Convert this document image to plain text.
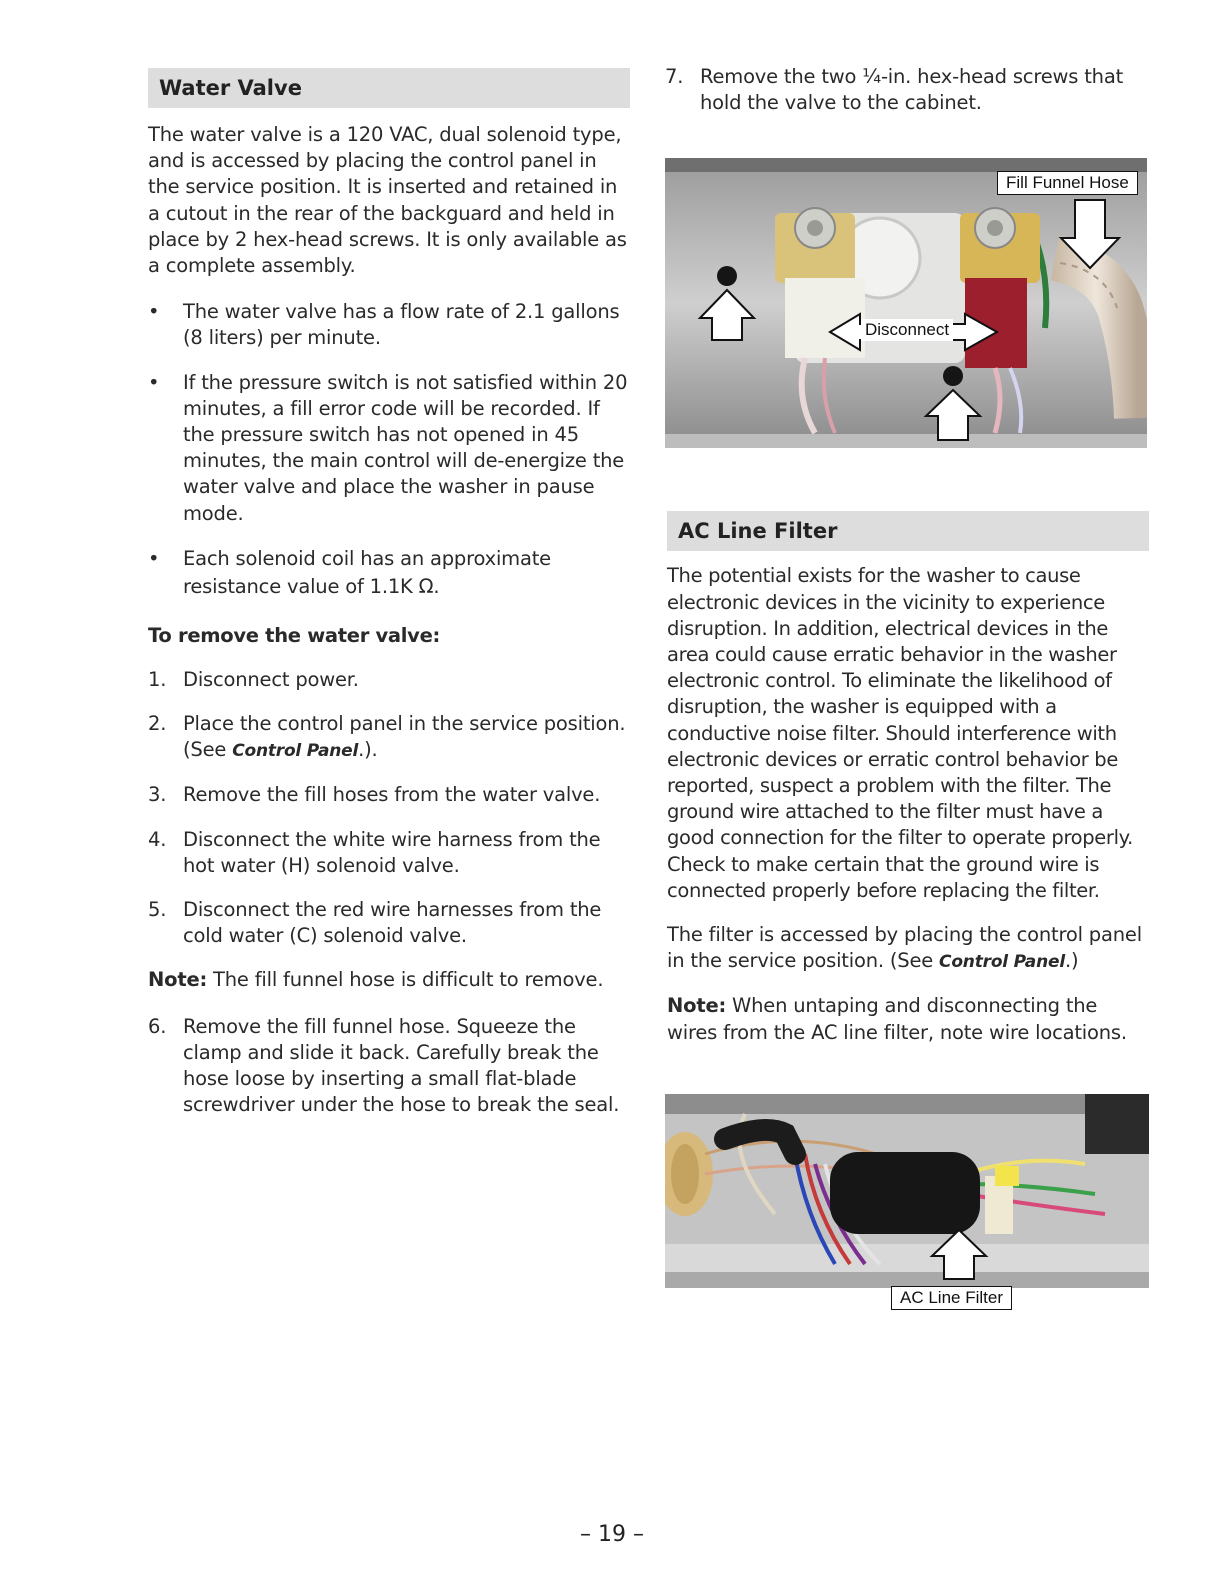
Water Valve

The water valve is a 120 VAC, dual solenoid type, and is accessed by placing the control panel in the service position. It is inserted and retained in a cutout in the rear of the backguard and held in place by 2 hex-head screws. It is only available as a complete assembly.

• The water valve has a flow rate of 2.1 gallons (8 liters) per minute.
• If the pressure switch is not satisfied within 20 minutes, a fill error code will be recorded. If the pressure switch has not opened in 45 minutes, the main control will de-energize the water valve and place the washer in pause mode.
• Each solenoid coil has an approximate resistance value of 1.1K Ω.
To remove the water valve:
1. Disconnect power.
2. Place the control panel in the service position. (See Control Panel.).
3. Remove the fill hoses from the water valve.
4. Disconnect the white wire harness from the hot water (H) solenoid valve.
5. Disconnect the red wire harnesses from the cold water (C) solenoid valve.

Note: The fill funnel hose is difficult to remove.

6. Remove the fill funnel hose. Squeeze the clamp and slide it back. Carefully break the hose loose by inserting a small flat-blade screwdriver under the hose to break the seal.
7. Remove the two ¼-in. hex-head screws that hold the valve to the cabinet.
Fill Funnel Hose
Disconnect
AC Line Filter

The potential exists for the washer to cause electronic devices in the vicinity to experience disruption. In addition, electrical devices in the area could cause erratic behavior in the washer electronic control. To eliminate the likelihood of disruption, the washer is equipped with a conductive noise filter. Should interference with electronic devices or erratic control behavior be reported, suspect a problem with the filter. The ground wire attached to the filter must have a good connection for the filter to operate properly. Check to make certain that the ground wire is connected properly before replacing the filter.

The filter is accessed by placing the control panel in the service position. (See Control Panel.)

Note: When untaping and disconnecting the wires from the AC line filter, note wire locations.

AC Line Filter
– 19 –
